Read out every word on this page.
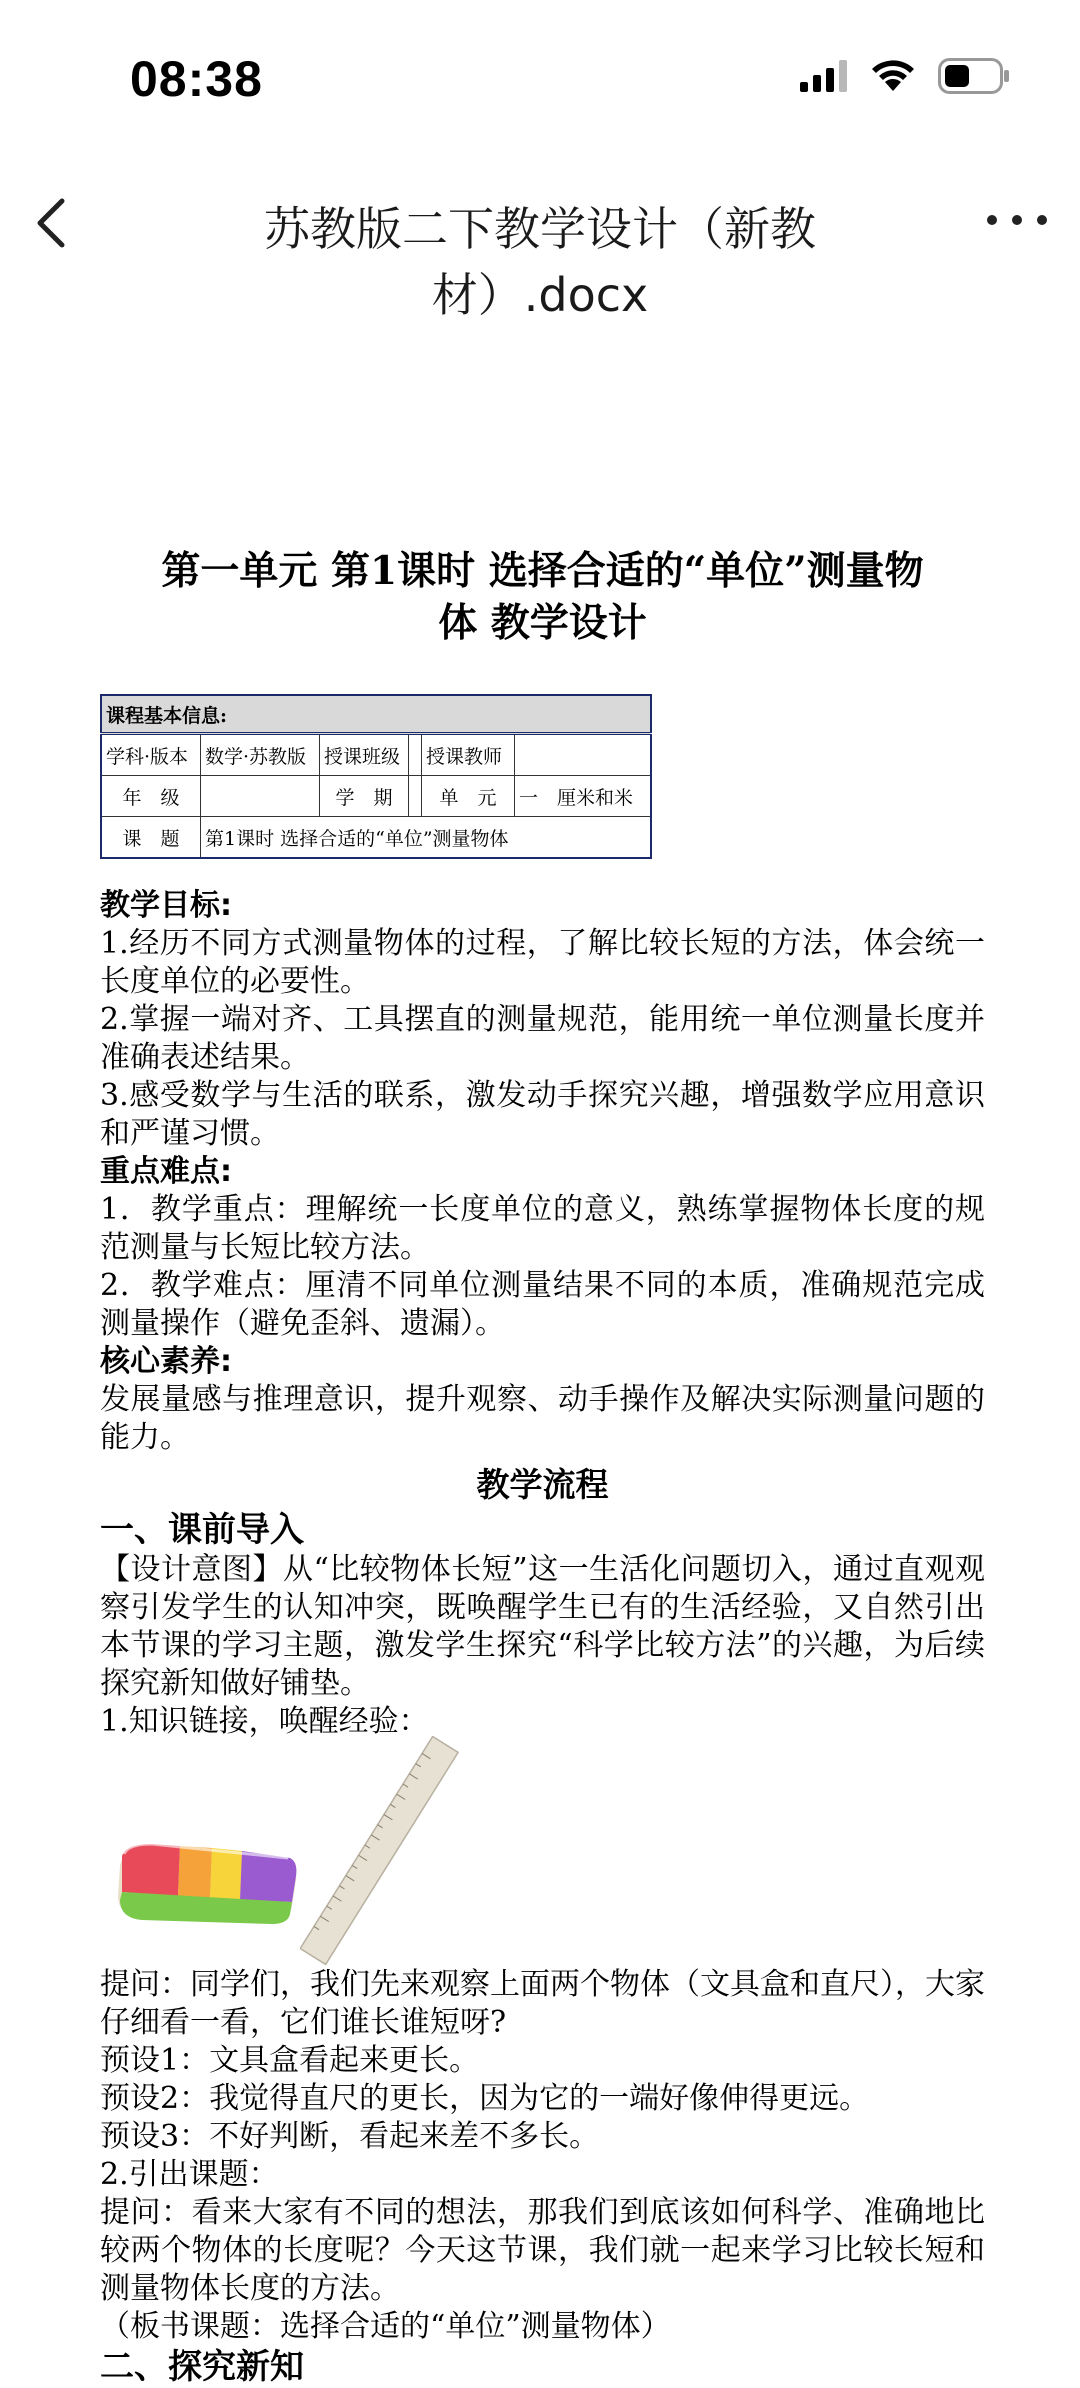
08:38
苏教版二下教学设计（新教材）.docx
第一单元 第1课时 选择合适的“单位”测量物
体 教学设计
课程基本信息:					
学科·版本	数学·苏教版	授课班级		授课教师	
年　级		学　期		单　元	一　厘米和米
课　题	第1课时 选择合适的“单位”测量物体				
教学目标:

1.经历不同方式测量物体的过程，了解比较长短的方法，体会统一长度单位的必要性。

2.掌握一端对齐、工具摆直的测量规范，能用统一单位测量长度并准确表述结果。

3.感受数学与生活的联系，激发动手探究兴趣，增强数学应用意识和严谨习惯。

重点难点:

1．教学重点：理解统一长度单位的意义，熟练掌握物体长度的规范测量与长短比较方法。

2．教学难点：厘清不同单位测量结果不同的本质，准确规范完成测量操作（避免歪斜、遗漏）。

核心素养:

发展量感与推理意识，提升观察、动手操作及解决实际测量问题的能力。

教学流程
一、课前导入

【设计意图】从“比较物体长短”这一生活化问题切入，通过直观观察引发学生的认知冲突，既唤醒学生已有的生活经验，又自然引出本节课的学习主题，激发学生探究“科学比较方法”的兴趣，为后续探究新知做好铺垫。

1.知识链接，唤醒经验：

提问：同学们，我们先来观察上面两个物体（文具盒和直尺），大家仔细看一看，它们谁长谁短呀?

预设1：文具盒看起来更长。

预设2：我觉得直尺的更长，因为它的一端好像伸得更远。

预设3：不好判断，看起来差不多长。

2.引出课题：

提问：看来大家有不同的想法，那我们到底该如何科学、准确地比较两个物体的长度呢？今天这节课，我们就一起来学习比较长短和测量物体长度的方法。

（板书课题：选择合适的“单位”测量物体）

二、探究新知
